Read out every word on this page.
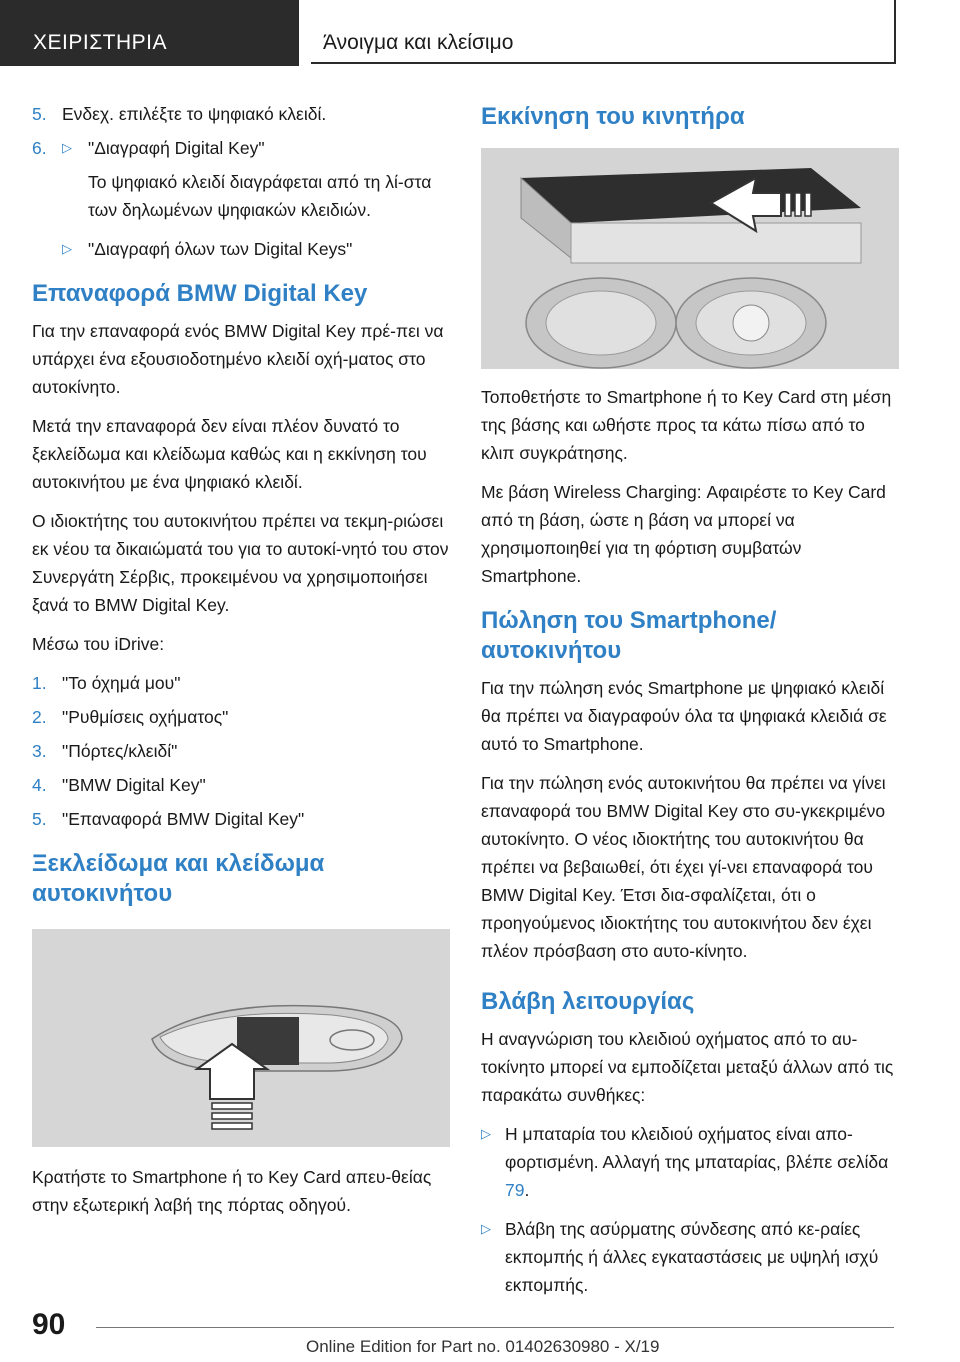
ΧΕΙΡΙΣΤΗΡΙΑ	Άνοιγμα και κλείσιμο
5. Ενδεχ. επιλέξτε το ψηφιακό κλειδί.
6.	▷ "Διαγραφή Digital Key"

Το ψηφιακό κλειδί διαγράφεται από τη λί-στα των δηλωμένων ψηφιακών κλειδιών.

▷ "Διαγραφή όλων των Digital Keys"
Επαναφορά BMW Digital Key

Για την επαναφορά ενός BMW Digital Key πρέ-πει να υπάρχει ένα εξουσιοδοτημένο κλειδί οχή-ματος στο αυτοκίνητο.

Μετά την επαναφορά δεν είναι πλέον δυνατό το ξεκλείδωμα και κλείδωμα καθώς και η εκκίνηση του αυτοκινήτου με ένα ψηφιακό κλειδί.

Ο ιδιοκτήτης του αυτοκινήτου πρέπει να τεκμη-ριώσει εκ νέου τα δικαιώματά του για το αυτοκί-νητό του στον Συνεργάτη Σέρβις, προκειμένου να χρησιμοποιήσει ξανά το BMW Digital Key.

Μέσω του iDrive:

1. "Το όχημά μου"
2. "Ρυθμίσεις οχήματος"
3. "Πόρτες/κλειδί"
4. "BMW Digital Key"
5. "Επαναφορά BMW Digital Key"
Ξεκλείδωμα και κλείδωμα αυτοκινήτου

Κρατήστε το Smartphone ή το Key Card απευ-θείας στην εξωτερική λαβή της πόρτας οδηγού.

Εκκίνηση του κινητήρα

Τοποθετήστε το Smartphone ή το Key Card στη μέση της βάσης και ωθήστε προς τα κάτω πίσω από το κλιπ συγκράτησης.

Με βάση Wireless Charging: Αφαιρέστε το Key Card από τη βάση, ώστε η βάση να μπορεί να χρησιμοποιηθεί για τη φόρτιση συμβατών Smartphone.

Πώληση του Smartphone/αυτοκινήτου

Για την πώληση ενός Smartphone με ψηφιακό κλειδί θα πρέπει να διαγραφούν όλα τα ψηφιακά κλειδιά σε αυτό το Smartphone.

Για την πώληση ενός αυτοκινήτου θα πρέπει να γίνει επαναφορά του BMW Digital Key στο συ-γκεκριμένο αυτοκίνητο. Ο νέος ιδιοκτήτης του αυτοκινήτου θα πρέπει να βεβαιωθεί, ότι έχει γί-νει επαναφορά του BMW Digital Key. Έτσι δια-σφαλίζεται, ότι ο προηγούμενος ιδιοκτήτης του αυτοκινήτου δεν έχει πλέον πρόσβαση στο αυτο-κίνητο.

Βλάβη λειτουργίας

Η αναγνώριση του κλειδιού οχήματος από το αυ-τοκίνητο μπορεί να εμποδίζεται μεταξύ άλλων από τις παρακάτω συνθήκες:

▷ Η μπαταρία του κλειδιού οχήματος είναι απο-φορτισμένη. Αλλαγή της μπαταρίας, βλέπε σελίδα 79.
▷ Βλάβη της ασύρματης σύνδεσης από κε-ραίες εκπομπής ή άλλες εγκαταστάσεις με υψηλή ισχύ εκπομπής.
90
Online Edition for Part no. 01402630980 - X/19
